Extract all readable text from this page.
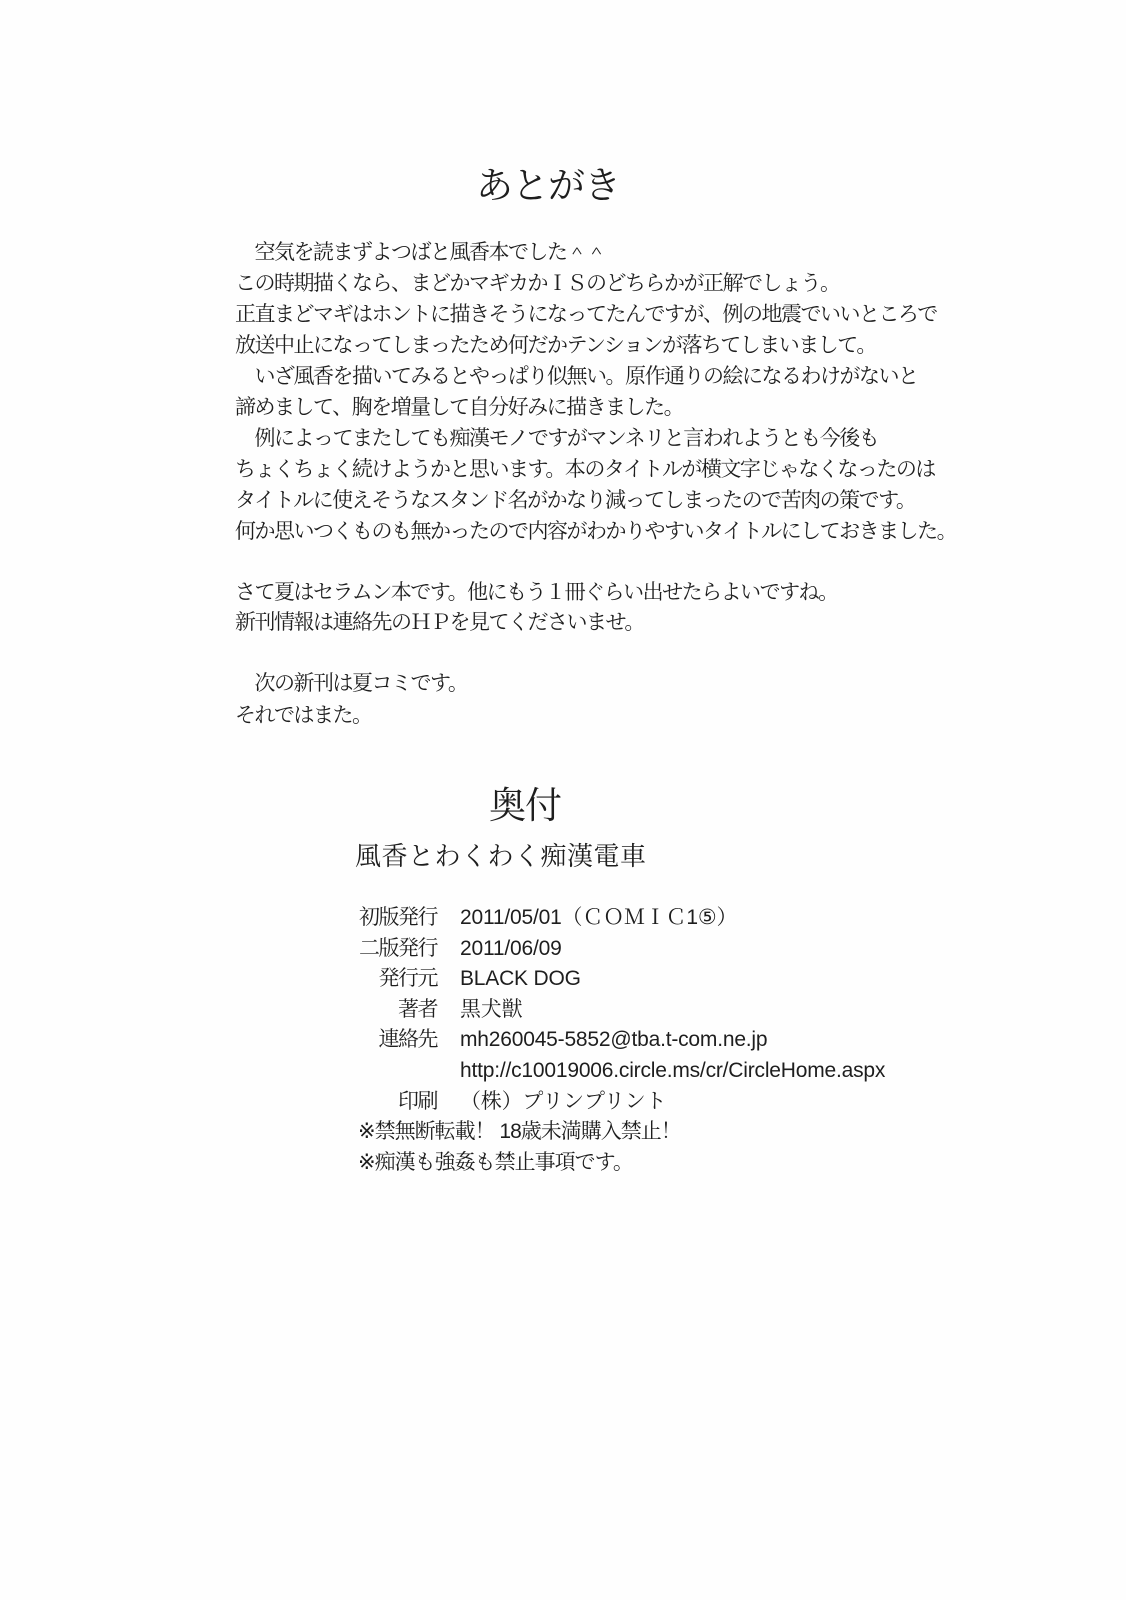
あとがき
　空気を読まずよつばと風香本でした＾＾
この時期描くなら、まどかマギカかＩＳのどちらかが正解でしょう。
正直まどマギはホントに描きそうになってたんですが、例の地震でいいところで
放送中止になってしまったため何だかテンションが落ちてしまいまして。
　いざ風香を描いてみるとやっぱり似無い。原作通りの絵になるわけがないと
諦めまして、胸を増量して自分好みに描きました。
　例によってまたしても痴漢モノですがマンネリと言われようとも今後も
ちょくちょく続けようかと思います。本のタイトルが横文字じゃなくなったのは
タイトルに使えそうなスタンド名がかなり減ってしまったので苦肉の策です。
何か思いつくものも無かったので内容がわかりやすいタイトルにしておきました。
さて夏はセラムン本です。他にもう１冊ぐらい出せたらよいですね。
新刊情報は連絡先のＨＰを見てくださいませ。
　次の新刊は夏コミです。
それではまた。
奥付
風香とわくわく痴漢電車
初版発行 2011/05/01（ＣＯＭＩＣ1⑤）
二版発行 2011/06/09
発行元 BLACK DOG
著者 黒犬獣
連絡先 mh260045-5852@tba.t-com.ne.jp
http://c10019006.circle.ms/cr/CircleHome.aspx
印刷 （株）プリンプリント
※禁無断転載！ 18歳未満購入禁止！
※痴漢も強姦も禁止事項です。
